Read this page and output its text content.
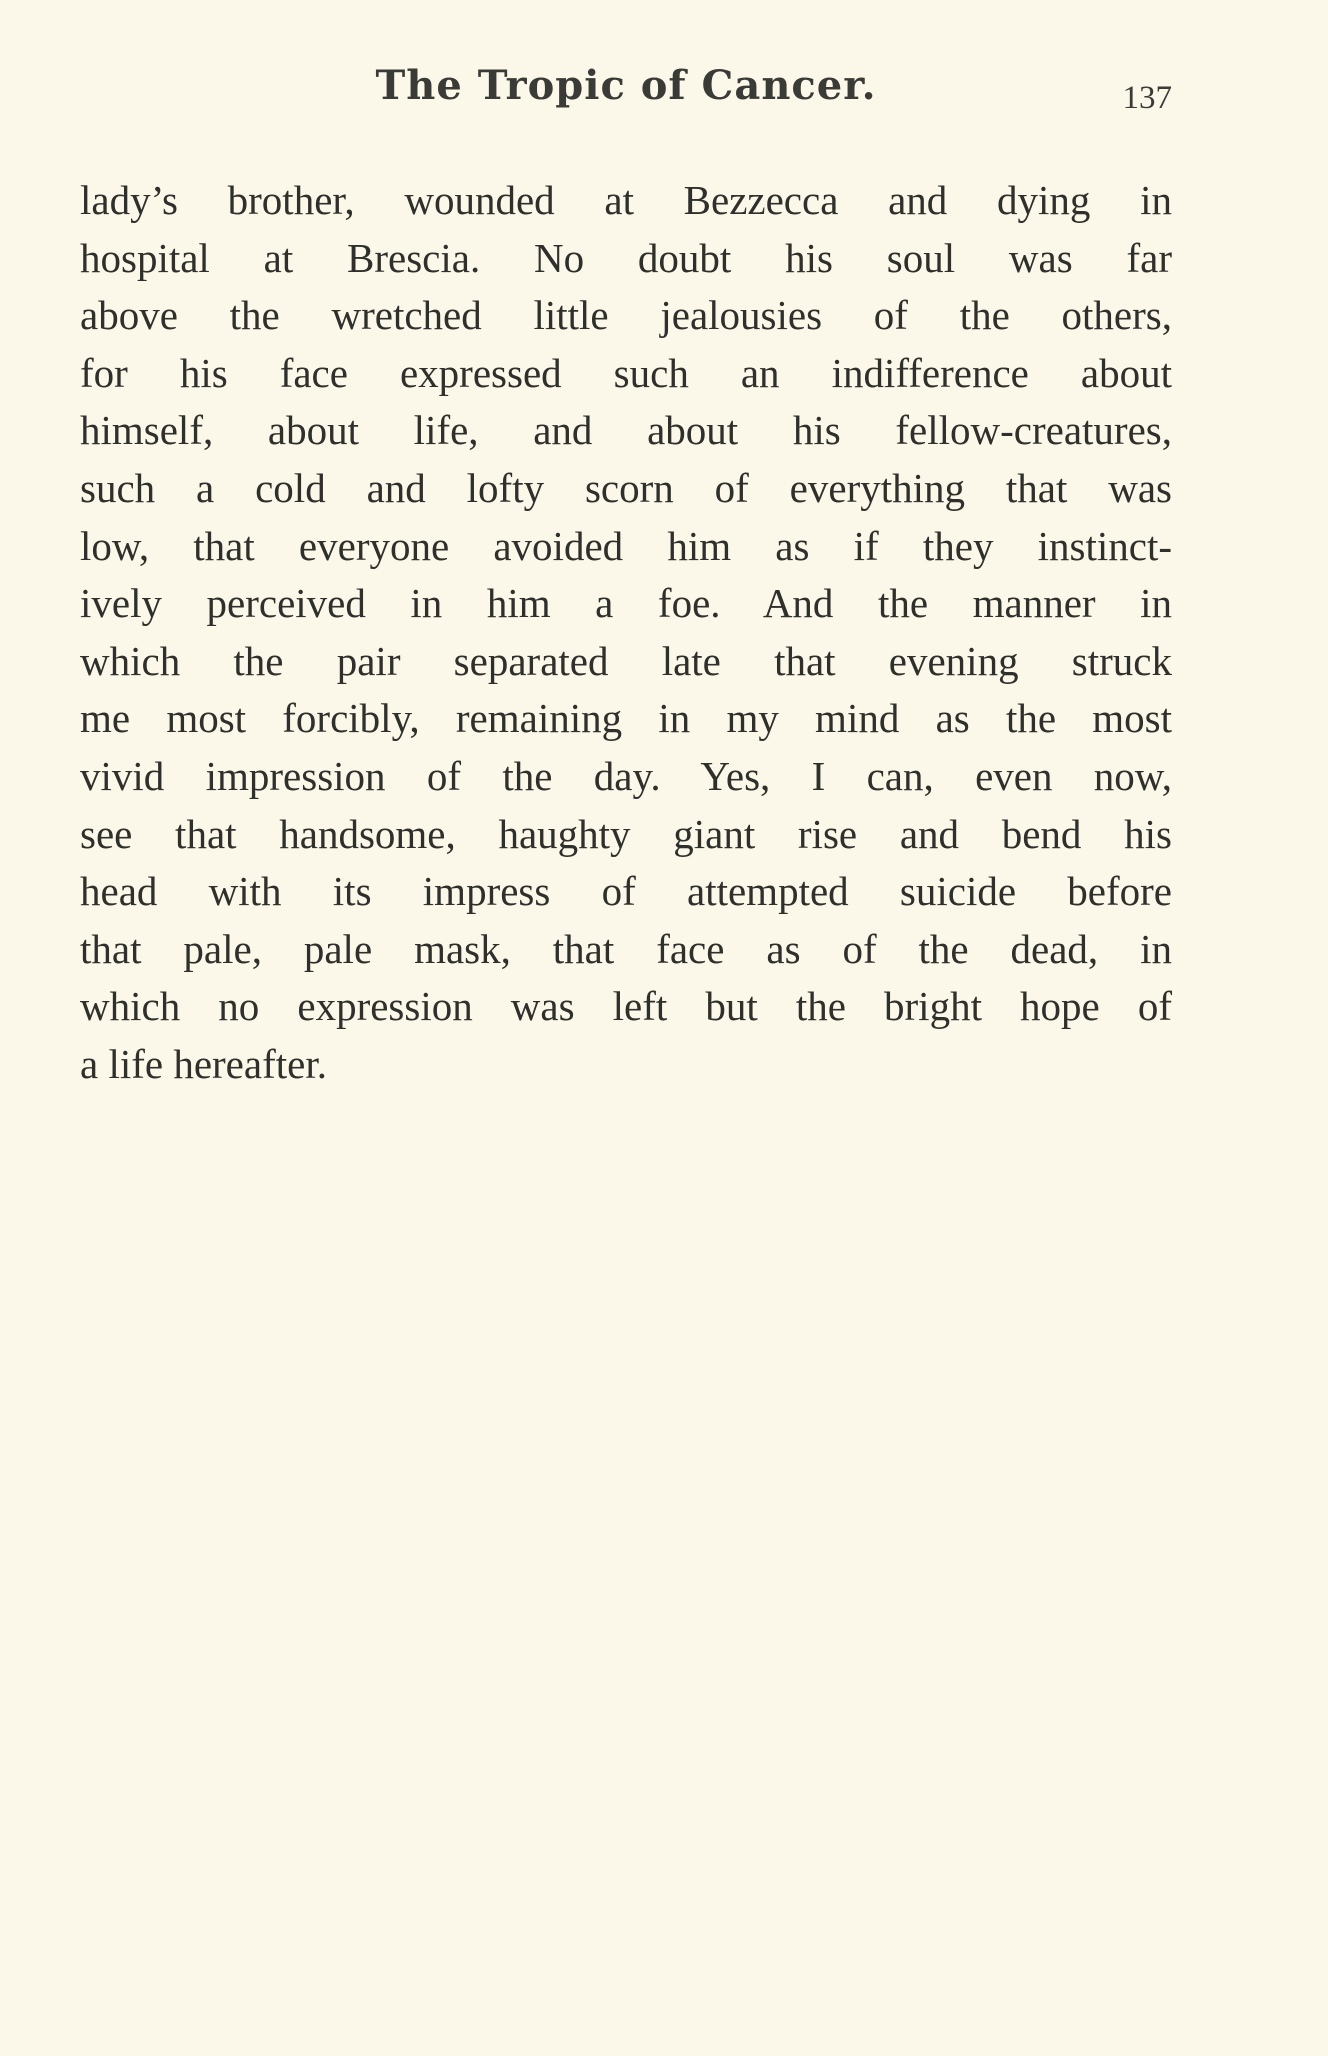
The Tropic of Cancer.	137
lady’s brother, wounded at Bezzecca and dying in
hospital at Brescia. No doubt his soul was far
above the wretched little jealousies of the others,
for his face expressed such an indifference about
himself, about life, and about his fellow-creatures,
such a cold and lofty scorn of everything that was
low, that everyone avoided him as if they instinct-
ively perceived in him a foe. And the manner in
which the pair separated late that evening struck
me most forcibly, remaining in my mind as the most
vivid impression of the day. Yes, I can, even now,
see that handsome, haughty giant rise and bend his
head with its impress of attempted suicide before
that pale, pale mask, that face as of the dead, in
which no expression was left but the bright hope of
a life hereafter.
